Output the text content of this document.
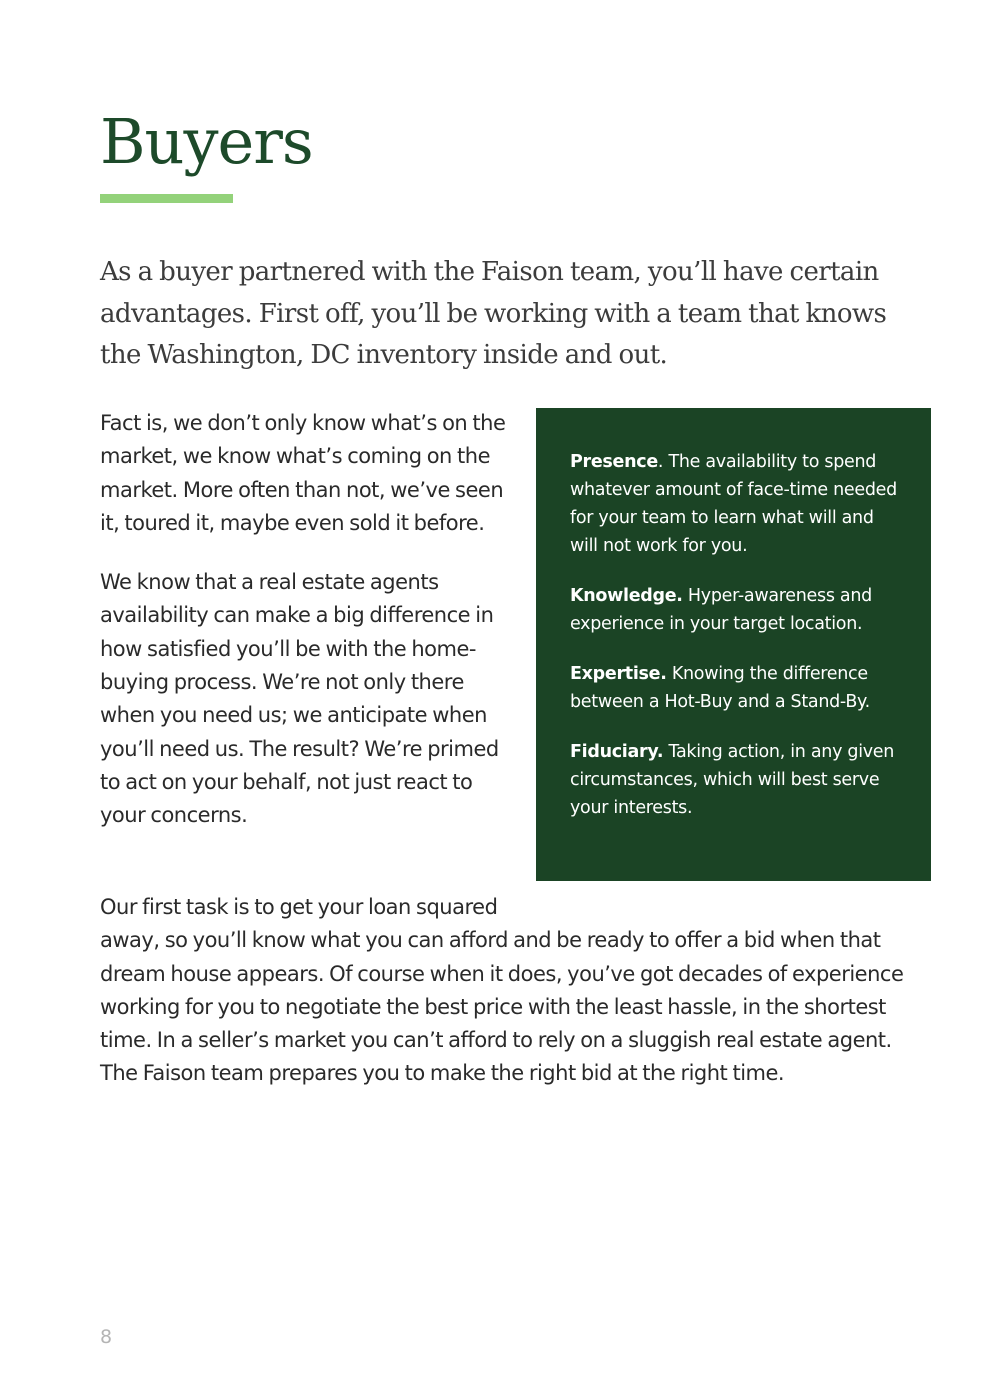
Buyers

As a buyer partnered with the Faison team, you’ll have certain advantages. First off, you’ll be working with a team that knows the Washington, DC inventory inside and out.

Fact is, we don’t only know what’s on the market, we know what’s coming on the market. More often than not, we’ve seen it, toured it, maybe even sold it before.

We know that a real estate agents availability can make a big difference in how satisfied you’ll be with the home-buying process. We’re not only there when you need us; we anticipate when you’ll need us. The result? We’re primed to act on your behalf, not just react to your concerns.

Presence. The availability to spend whatever amount of face-time needed for your team to learn what will and will not work for you.

Knowledge. Hyper-awareness and experience in your target location.

Expertise. Knowing the difference between a Hot-Buy and a Stand-By.

Fiduciary. Taking action, in any given circumstances, which will best serve your interests.

Our first task is to get your loan squared away, so you’ll know what you can afford and be ready to offer a bid when that dream house appears. Of course when it does, you’ve got decades of experience working for you to negotiate the best price with the least hassle, in the shortest time. In a seller’s market you can’t afford to rely on a sluggish real estate agent. The Faison team prepares you to make the right bid at the right time.

8
